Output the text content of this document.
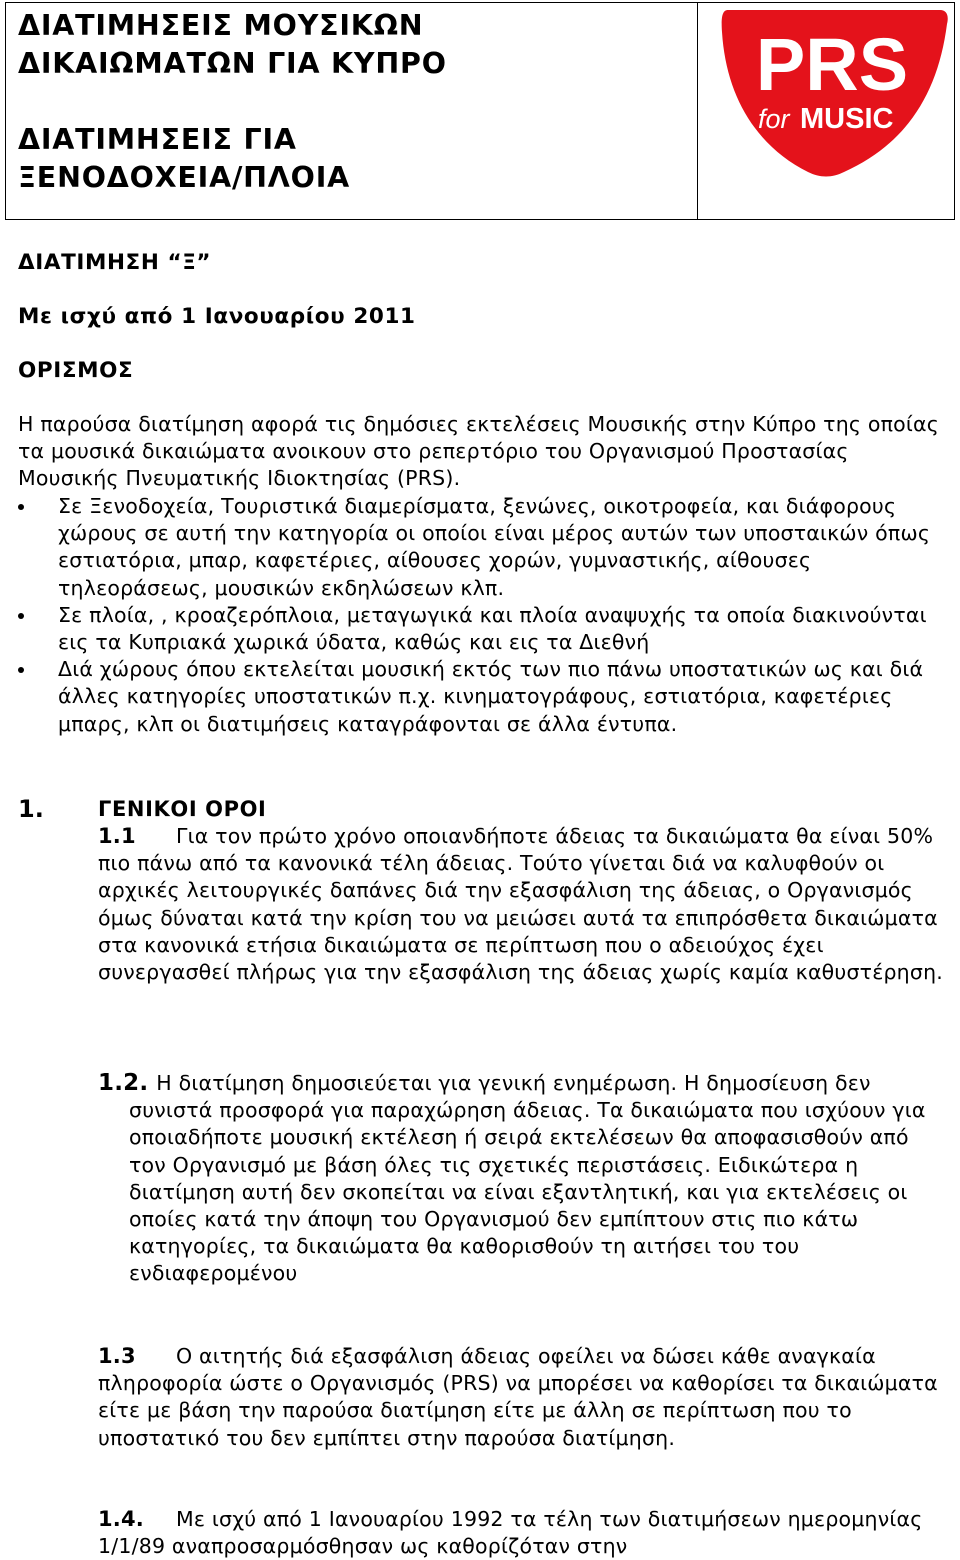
ΔΙΑΤΙΜΗΣΕΙΣ ΜΟΥΣΙΚΩΝ
ΔΙΚΑΙΩΜΑΤΩΝ ΓΙΑ ΚΥΠΡΟ
ΔΙΑΤΙΜΗΣΕΙΣ ΓΙΑ
ΞΕΝΟΔΟΧΕΙΑ/ΠΛΟΙΑ
PRS
for MUSIC
ΔΙΑΤΙΜΗΣΗ “Ξ”
Με ισχύ από 1 Ιανουαρίου 2011
ΟΡΙΣΜΟΣ
Η παρούσα διατίμηση αφορά τις δημόσιες εκτελέσεις Μουσικής στην Κύπρο της οποίας τα μουσικά δικαιώματα ανοικουν στο ρεπερτόριο του Οργανισμού Προστασίας Μουσικής Πνευματικής Ιδιοκτησίας (PRS).
Σε Ξενοδοχεία, Τουριστικά διαμερίσματα, ξενώνες, οικοτροφεία, και διάφορους χώρους σε αυτή την κατηγορία οι οποίοι είναι μέρος αυτών των υποσταικών όπως εστιατόρια, μπαρ, καφετέριες, αίθουσες χορών, γυμναστικής, αίθουσες τηλεοράσεως, μουσικών εκδηλώσεων κλπ.
Σε πλοία, , κροαζερόπλοια, μεταγωγικά και πλοία αναψυχής τα οποία διακινούνται εις τα Κυπριακά χωρικά ύδατα, καθώς και εις τα Διεθνή
Διά χώρους όπου εκτελείται μουσική εκτός των πιο πάνω υποστατικών ως και διά άλλες κατηγορίες υποστατικών π.χ. κινηματογράφους, εστιατόρια, καφετέριες μπαρς, κλπ οι διατιμήσεις καταγράφονται σε άλλα έντυπα.
1.	ΓΕΝΙΚΟΙ ΟΡΟΙ
1.1 Για τον πρώτο χρόνο οποιανδήποτε άδειας τα δικαιώματα θα είναι 50% πιο πάνω από τα κανονικά τέλη άδειας. Τούτο γίνεται διά να καλυφθούν οι αρχικές λειτουργικές δαπάνες διά την εξασφάλιση της άδειας, ο Οργανισμός όμως δύναται κατά την κρίση του να μειώσει αυτά τα επιπρόσθετα δικαιώματα στα κανονικά ετήσια δικαιώματα σε περίπτωση που ο αδειούχος έχει συνεργασθεί πλήρως για την εξασφάλιση της άδειας χωρίς καμία καθυστέρηση.
1.2. Η διατίμηση δημοσιεύεται για γενική ενημέρωση. Η δημοσίευση δεν συνιστά προσφορά για παραχώρηση άδειας. Τα δικαιώματα που ισχύουν για οποιαδήποτε μουσική εκτέλεση ή σειρά εκτελέσεων θα αποφασισθούν από τον Οργανισμό με βάση όλες τις σχετικές περιστάσεις. Ειδικώτερα η διατίμηση αυτή δεν σκοπείται να είναι εξαντλητική, και για εκτελέσεις οι οποίες κατά την άποψη του Οργανισμού δεν εμπίπτουν στις πιο κάτω κατηγορίες, τα δικαιώματα θα καθορισθούν τη αιτήσει του του ενδιαφερομένου
1.3 Ο αιτητής διά εξασφάλιση άδειας οφείλει να δώσει κάθε αναγκαία πληροφορία ώστε ο Οργανισμός (PRS) να μπορέσει να καθορίσει τα δικαιώματα είτε με βάση την παρούσα διατίμηση είτε με άλλη σε περίπτωση που το υποστατικό του δεν εμπίπτει στην παρούσα διατίμηση.
1.4. Με ισχύ από 1 Ιανουαρίου 1992 τα τέλη των διατιμήσεων ημερομηνίας 1/1/89 αναπροσαρμόσθησαν ως καθορίζόταν στην
